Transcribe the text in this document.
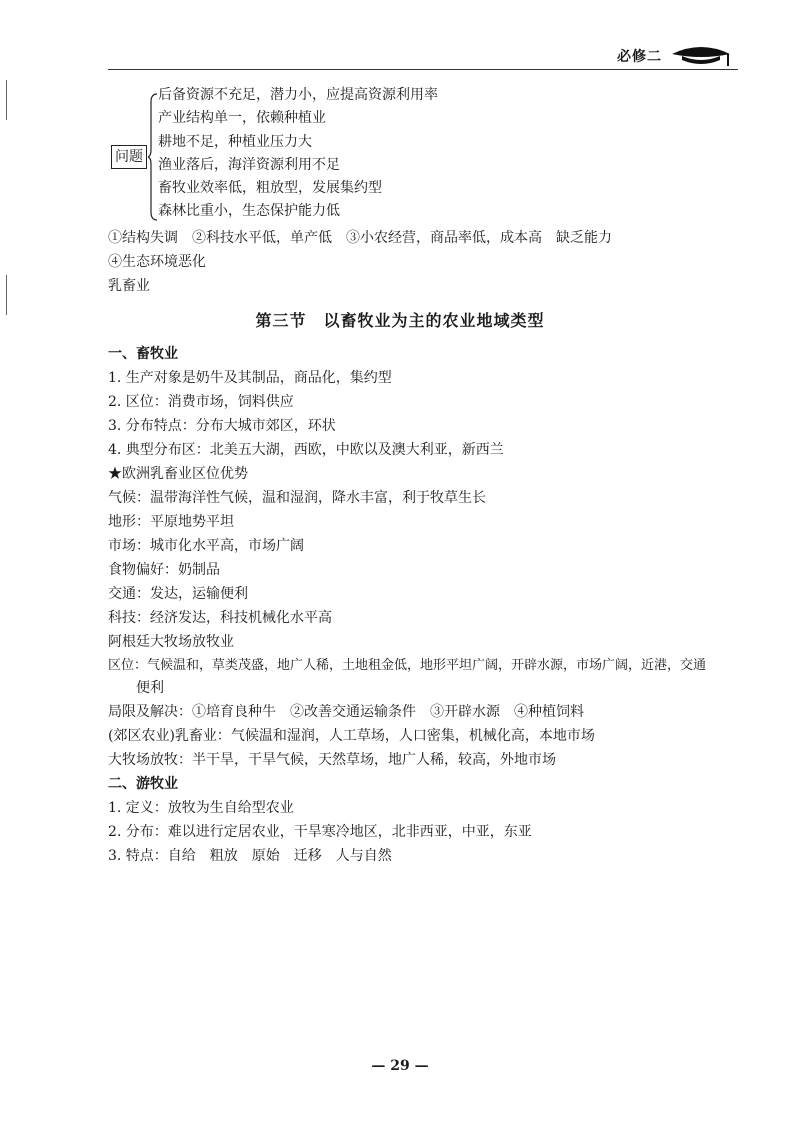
必修二
问题
后备资源不充足，潜力小，应提高资源利用率
产业结构单一，依赖种植业
耕地不足，种植业压力大
渔业落后，海洋资源利用不足
畜牧业效率低，粗放型，发展集约型
森林比重小，生态保护能力低
①结构失调　②科技水平低，单产低　③小农经营，商品率低，成本高　缺乏能力
④生态环境恶化
乳畜业
第三节　以畜牧业为主的农业地域类型
一、畜牧业
1. 生产对象是奶牛及其制品，商品化，集约型
2. 区位：消费市场，饲料供应
3. 分布特点：分布大城市郊区，环状
4. 典型分布区：北美五大湖，西欧，中欧以及澳大利亚，新西兰
★欧洲乳畜业区位优势
气候：温带海洋性气候，温和湿润，降水丰富，利于牧草生长
地形：平原地势平坦
市场：城市化水平高，市场广阔
食物偏好：奶制品
交通：发达，运输便利
科技：经济发达，科技机械化水平高
阿根廷大牧场放牧业
区位：气候温和，草类茂盛，地广人稀，土地租金低，地形平坦广阔，开辟水源，市场广阔，近港，交通
便利
局限及解决：①培育良种牛　②改善交通运输条件　③开辟水源　④种植饲料
(郊区农业)乳畜业：气候温和湿润，人工草场，人口密集，机械化高，本地市场
大牧场放牧：半干旱，干旱气候，天然草场，地广人稀，较高，外地市场
二、游牧业
1. 定义：放牧为生自给型农业
2. 分布：难以进行定居农业，干旱寒冷地区，北非西亚，中亚，东亚
3. 特点：自给　粗放　原始　迁移　人与自然
— 29 —
